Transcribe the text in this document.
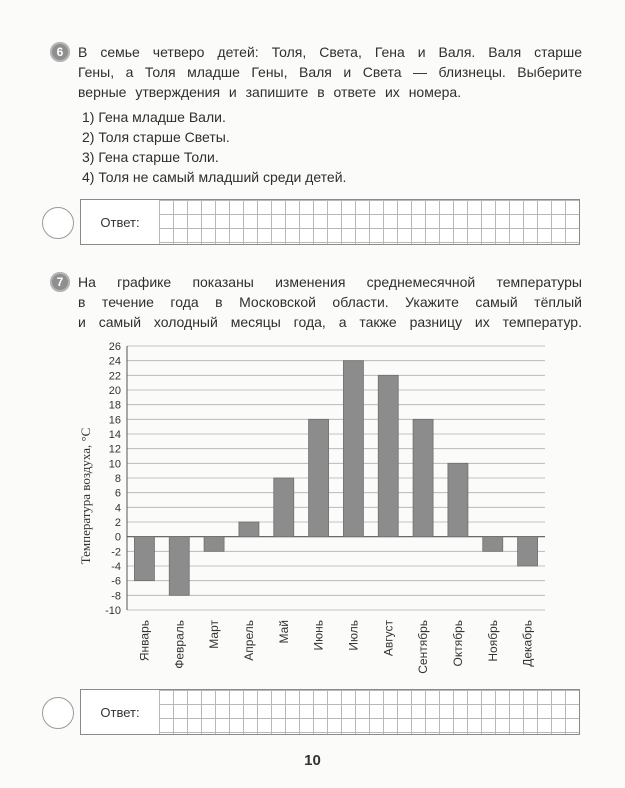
6	В семье четверо детей: Толя, Света, Гена и Валя. Валя старше
Гены, а Толя младше Гены, Валя и Света — близнецы. Выберите
верные утверждения и запишите в ответе их номера.
1) Гена младше Вали.
2) Толя старше Светы.
3) Гена старше Толи.
4) Толя не самый младший среди детей.
Ответ:
7	На графике показаны изменения среднемесячной температуры
в течение года в Московской области. Укажите самый тёплый
и самый холодный месяцы года, а также разницу их температур.
26
24
22
20
18
16
14
12
10
8
6
4
2
0
-2
-4
-6
-8
-10
Январь Февраль Март Апрель Май Июнь Июль Август Сентябрь Октябрь Ноябрь Декабрь
Температура воздуха, °С
Ответ:
10
